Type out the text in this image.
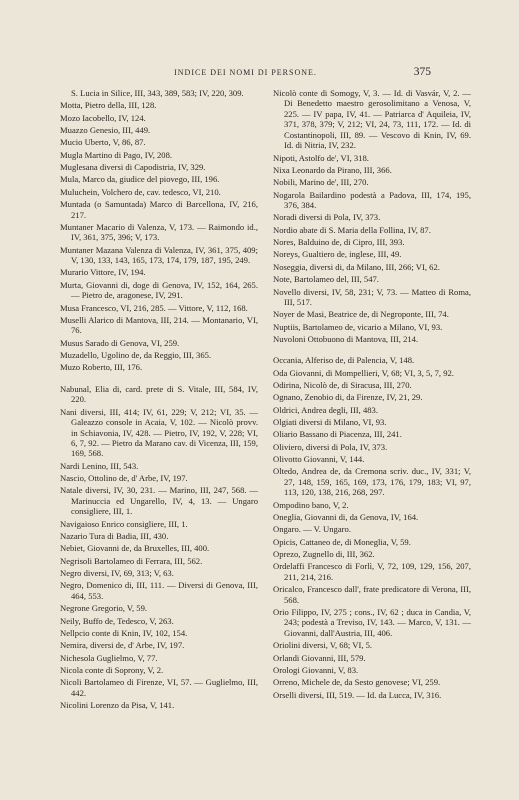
INDICE DEI NOMI DI PERSONE.	375

S. Lucia in Silice, III, 343, 389, 583; IV, 220, 309.

Motta, Pietro della, III, 128.

Mozo Iacobello, IV, 124.

Muazzo Genesio, III, 449.

Mucio Uberto, V, 86, 87.

Mugla Martino di Pago, IV, 208.

Muglesana diversi di Capodistria, IV, 329.

Mula, Marco da, giudice del piovego, III, 196.

Muluchein, Volchero de, cav. tedesco, VI, 210.

Muntada (o Samuntada) Marco di Barcellona, IV, 216, 217.

Muntaner Macario di Valenza, V, 173. — Raimondo id., IV, 361, 375, 396; V, 173.

Muntaner Mazana Valenza di Valenza, IV, 361, 375, 409; V, 130, 133, 143, 165, 173, 174, 179, 187, 195, 249.

Murario Vittore, IV, 194.

Murta, Giovanni di, doge di Genova, IV, 152, 164, 265. — Pietro de, aragonese, IV, 291.

Musa Francesco, VI, 216, 285. — Vittore, V, 112, 168.

Muselli Alarico di Mantova, III, 214. — Montanario, VI, 76.

Musus Sarado di Genova, VI, 259.

Muzadello, Ugolino de, da Reggio, III, 365.

Muzo Roberto, III, 176.

Nabunal, Elia di, card. prete di S. Vitale, III, 584, IV, 220.

Nani diversi, III, 414; IV, 61, 229; V, 212; VI, 35. — Galeazzo console in Acaia, V, 102. — Nicolò provv. in Schiavonia, IV, 428. — Pietro, IV, 192, V, 228; VI, 6, 7, 92. — Pietro da Marano cav. di Vicenza, III, 159, 169, 568.

Nardi Lenino, III, 543.

Nascio, Ottolino de, d' Arbe, IV, 197.

Natale diversi, IV, 30, 231. — Marino, III, 247, 568. — Marinuccia ed Ungarello, IV, 4, 13. — Ungaro consigliere, III, 1.

Navigaioso Enrico consigliere, III, 1.

Nazario Tura di Badia, III, 430.

Nebiet, Giovanni de, da Bruxelles, III, 400.

Negrisoli Bartolameo di Ferrara, III, 562.

Negro diversi, IV, 69, 313; V, 63.

Negro, Domenico di, III, 111. — Diversi di Genova, III, 464, 553.

Negrone Gregorio, V, 59.

Neily, Buffo de, Tedesco, V, 263.

Nellpcio conte di Knin, IV, 102, 154.

Nemira, diversi de, d' Arbe, IV, 197.

Nichesola Guglielmo, V, 77.

Nicola conte di Soprony, V, 2.

Nicoli Bartolameo di Firenze, VI, 57. — Guglielmo, III, 442.

Nicolini Lorenzo da Pisa, V, 141.

Nicolò conte di Somogy, V, 3. — Id. di Vasvár, V, 2. — Di Benedetto maestro gerosolimitano a Venosa, V, 225. — IV papa, IV, 41. — Patriarca d' Aquileia, IV, 371, 378, 379; V, 212; VI, 24, 73, 111, 172. — Id. di Costantinopoli, III, 89. — Vescovo di Knin, IV, 69. Id. di Nitria, IV, 232.

Nipoti, Astolfo de', VI, 318.

Nixa Leonardo da Pirano, III, 366.

Nobili, Marino de', III, 270.

Nogarola Bailardino podestà a Padova, III, 174, 195, 376, 384.

Noradi diversi di Pola, IV, 373.

Nordio abate di S. Maria della Follina, IV, 87.

Nores, Balduino de, di Cipro, III, 393.

Noreys, Gualtiero de, inglese, III, 49.

Noseggia, diversi di, da Milano, III, 266; VI, 62.

Note, Bartolameo del, III, 547.

Novello diversi, IV, 58, 231; V, 73. — Matteo di Roma, III, 517.

Noyer de Masi, Beatrice de, di Negroponte, III, 74.

Nuptiis, Bartolameo de, vicario a Milano, VI, 93.

Nuvoloni Ottobuono di Mantova, III, 214.

Occania, Alferiso de, di Palencia, V, 148.

Oda Giovanni, di Mompellieri, V, 68; VI, 3, 5, 7, 92.

Odirina, Nicolò de, di Siracusa, III, 270.

Ognano, Zenobio di, da Firenze, IV, 21, 29.

Oldrici, Andrea degli, III, 483.

Olgiati diversi di Milano, VI, 93.

Oliario Bassano di Piacenza, III, 241.

Oliviero, diversi di Pola, IV, 373.

Olivotto Giovanni, V, 144.

Oltedo, Andrea de, da Cremona scriv. duc., IV, 331; V, 27, 148, 159, 165, 169, 173, 176, 179, 183; VI, 97, 113, 120, 138, 216, 268, 297.

Ompodino bano, V, 2.

Oneglia, Giovanni di, da Genova, IV, 164.

Ongaro. — V. Ungaro.

Opicis, Cattaneo de, di Moneglia, V, 59.

Oprezo, Zugnello di, III, 362.

Ordelaffi Francesco di Forlì, V, 72, 109, 129, 156, 207, 211, 214, 216.

Oricalco, Francesco dall', frate predicatore di Verona, III, 568.

Orio Filippo, IV, 275 ; cons., IV, 62 ; duca in Candia, V, 243; podestà a Treviso, IV, 143. — Marco, V, 131. — Giovanni, dall'Austria, III, 406.

Oriolini diversi, V, 68; VI, 5.

Orlandi Giovanni, III, 579.

Orologi Giovanni, V, 83.

Orreno, Michele de, da Sesto genovese; VI, 259.

Orselli diversi, III, 519. — Id. da Lucca, IV, 316.
